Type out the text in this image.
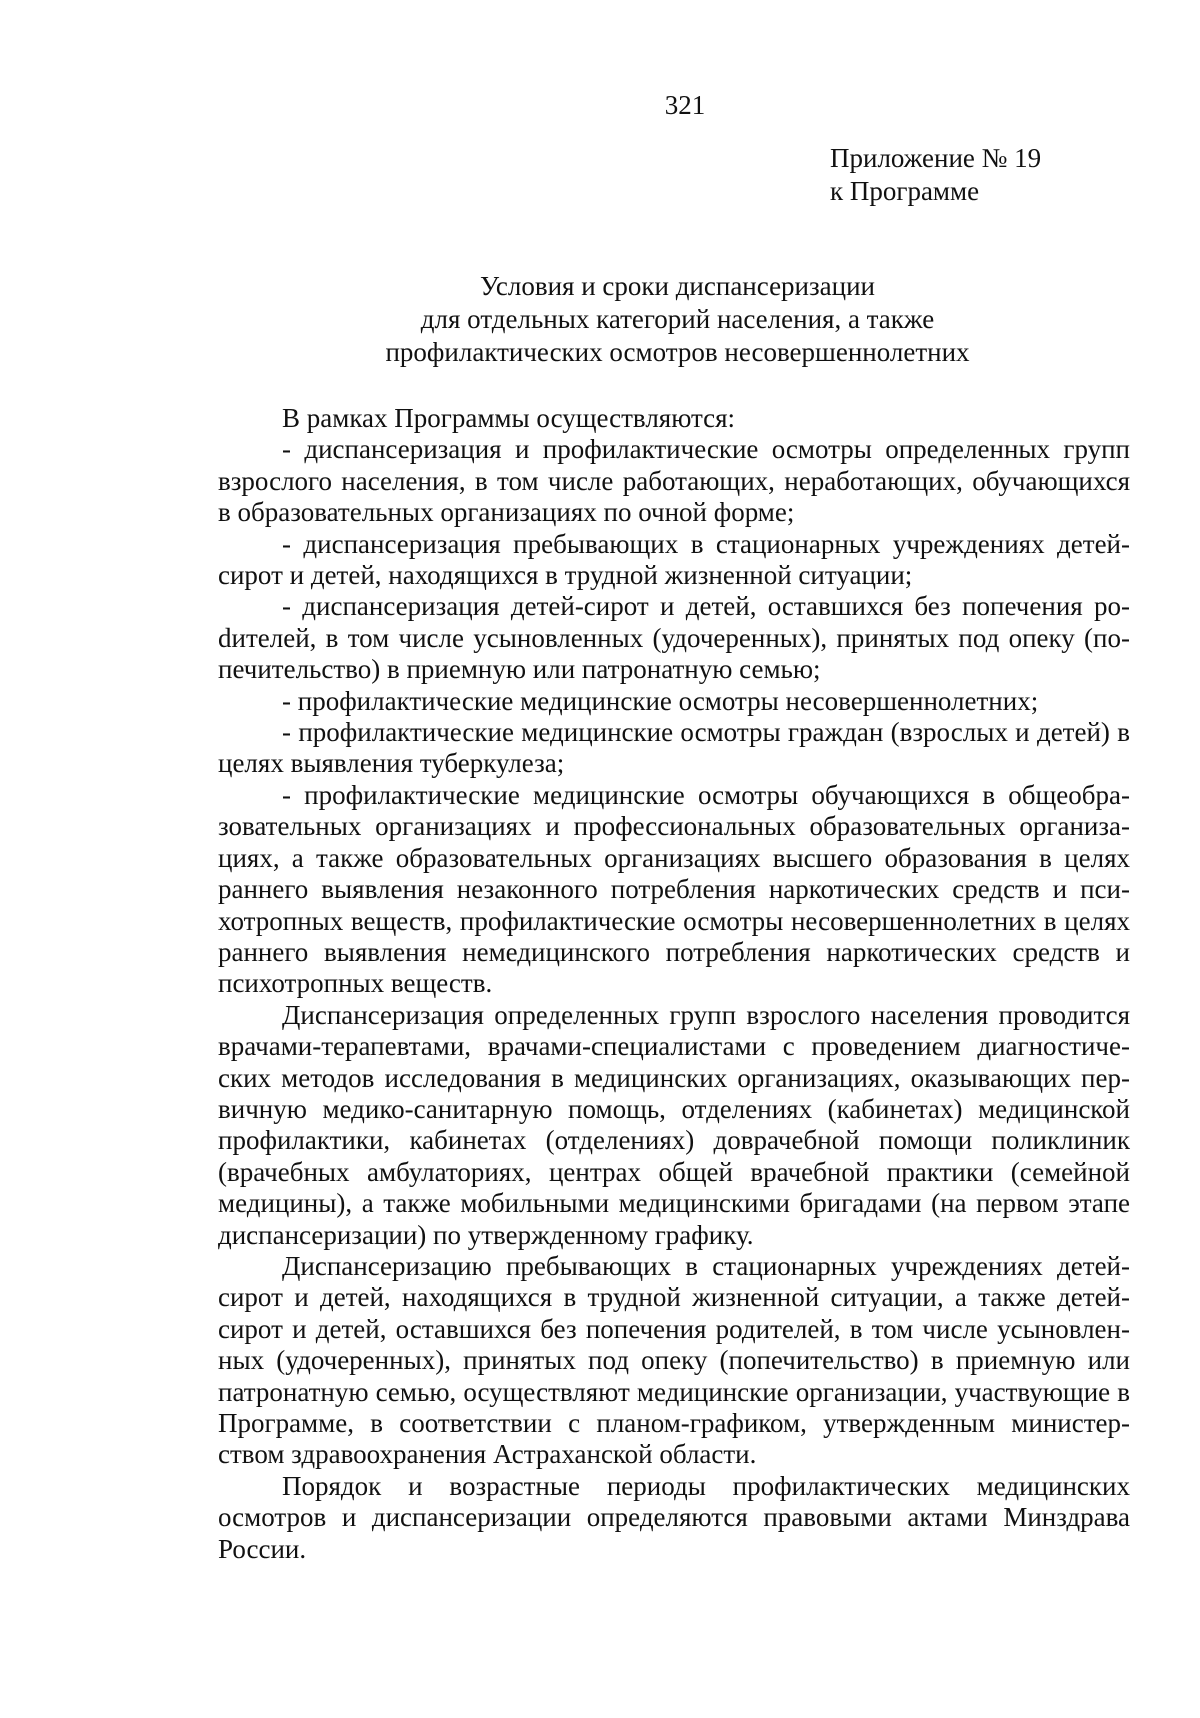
321
Приложение № 19
к Программе
Условия и сроки диспансеризации
для отдельных категорий населения, а также
профилактических осмотров несовершеннолетних

В рамках Программы осуществляются:

- диспансеризация и профилактические осмотры определенных групп взрослого населения, в том числе работающих, неработающих, обучающихся в образовательных организациях по очной форме;

- диспансеризация пребывающих в стационарных учреждениях детей-сирот и детей, находящихся в трудной жизненной ситуации;

- диспансеризация детей-сирот и детей, оставшихся без попечения роdителей, в том числе усыновленных (удочеренных), принятых под опеку (попечительство) в приемную или патронатную семью;

- профилактические медицинские осмотры несовершеннолетних;

- профилактические медицинские осмотры граждан (взрослых и детей) в целях выявления туберкулеза;

- профилактические медицинские осмотры обучающихся в общеобразовательных организациях и профессиональных образовательных организациях, а также образовательных организациях высшего образования в целях раннего выявления незаконного потребления наркотических средств и психотропных веществ, профилактические осмотры несовершеннолетних в целях раннего выявления немедицинского потребления наркотических средств и психотропных веществ.

Диспансеризация определенных групп взрослого населения проводится врачами-терапевтами, врачами-специалистами с проведением диагностических методов исследования в медицинских организациях, оказывающих первичную медико-санитарную помощь, отделениях (кабинетах) медицинской профилактики, кабинетах (отделениях) доврачебной помощи поликлиник (врачебных амбулаториях, центрах общей врачебной практики (семейной медицины), а также мобильными медицинскими бригадами (на первом этапе диспансеризации) по утвержденному графику.

Диспансеризацию пребывающих в стационарных учреждениях детей-сирот и детей, находящихся в трудной жизненной ситуации, а также детей-сирот и детей, оставшихся без попечения родителей, в том числе усыновленных (удочеренных), принятых под опеку (попечительство) в приемную или патронатную семью, осуществляют медицинские организации, участвующие в Программе, в соответствии с планом-графиком, утвержденным министерством здравоохранения Астраханской области.

Порядок и возрастные периоды профилактических медицинских осмотров и диспансеризации определяются правовыми актами Минздрава России.
